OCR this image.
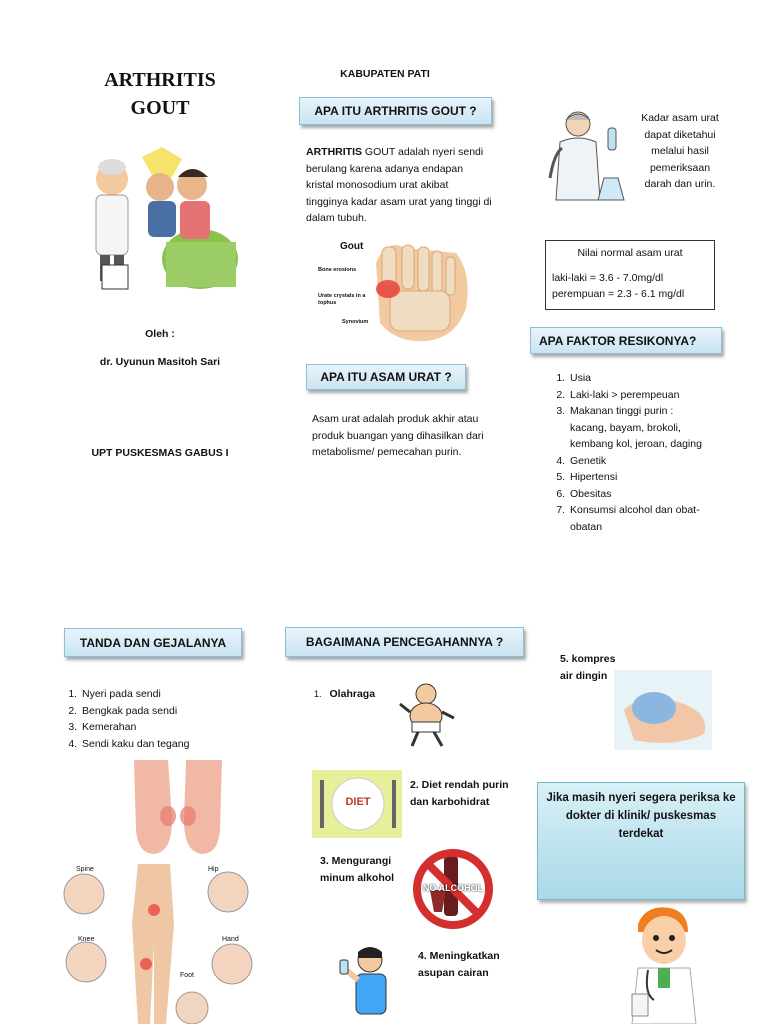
ARTHRITIS
GOUT
Oleh :
dr. Uyunun Masitoh Sari
UPT PUSKESMAS GABUS I
KABUPATEN PATI
APA ITU ARTHRITIS GOUT ?
ARTHRITIS GOUT adalah nyeri sendi berulang karena adanya endapan kristal monosodium urat akibat tingginya kadar asam urat yang tinggi di dalam tubuh.
Gout
Bone erosions
Urate crystals in a tophus
Synovium
APA ITU ASAM URAT ?
Asam urat adalah produk akhir atau produk buangan yang dihasilkan dari metabolisme/ pemecahan purin.
Kadar asam urat dapat diketahui melalui hasil pemeriksaan darah dan urin.
Nilai normal asam urat
laki-laki = 3.6 - 7.0mg/dl
perempuan = 2.3 - 6.1 mg/dl
APA FAKTOR RESIKONYA?
1. Usia
2. Laki-laki > perempeuan
3. Makanan tinggi purin : kacang, bayam, brokoli, kembang kol, jeroan, daging
4. Genetik
5. Hipertensi
6. Obesitas
7. Konsumsi alcohol dan obat-obatan
TANDA DAN GEJALANYA
1. Nyeri pada sendi
2. Bengkak pada sendi
3. Kemerahan
4. Sendi kaku dan tegang
Spine	Hip
Knee	Hand
Foot
BAGAIMANA PENCEGAHANNYA ?
1. Olahraga
DIET
2. Diet rendah purin dan karbohidrat
3. Mengurangi minum alkohol
NO ALCOHOL
4. Meningkatkan asupan cairan
5. kompres air dingin
Jika masih nyeri segera periksa ke dokter di klinik/ puskesmas terdekat
